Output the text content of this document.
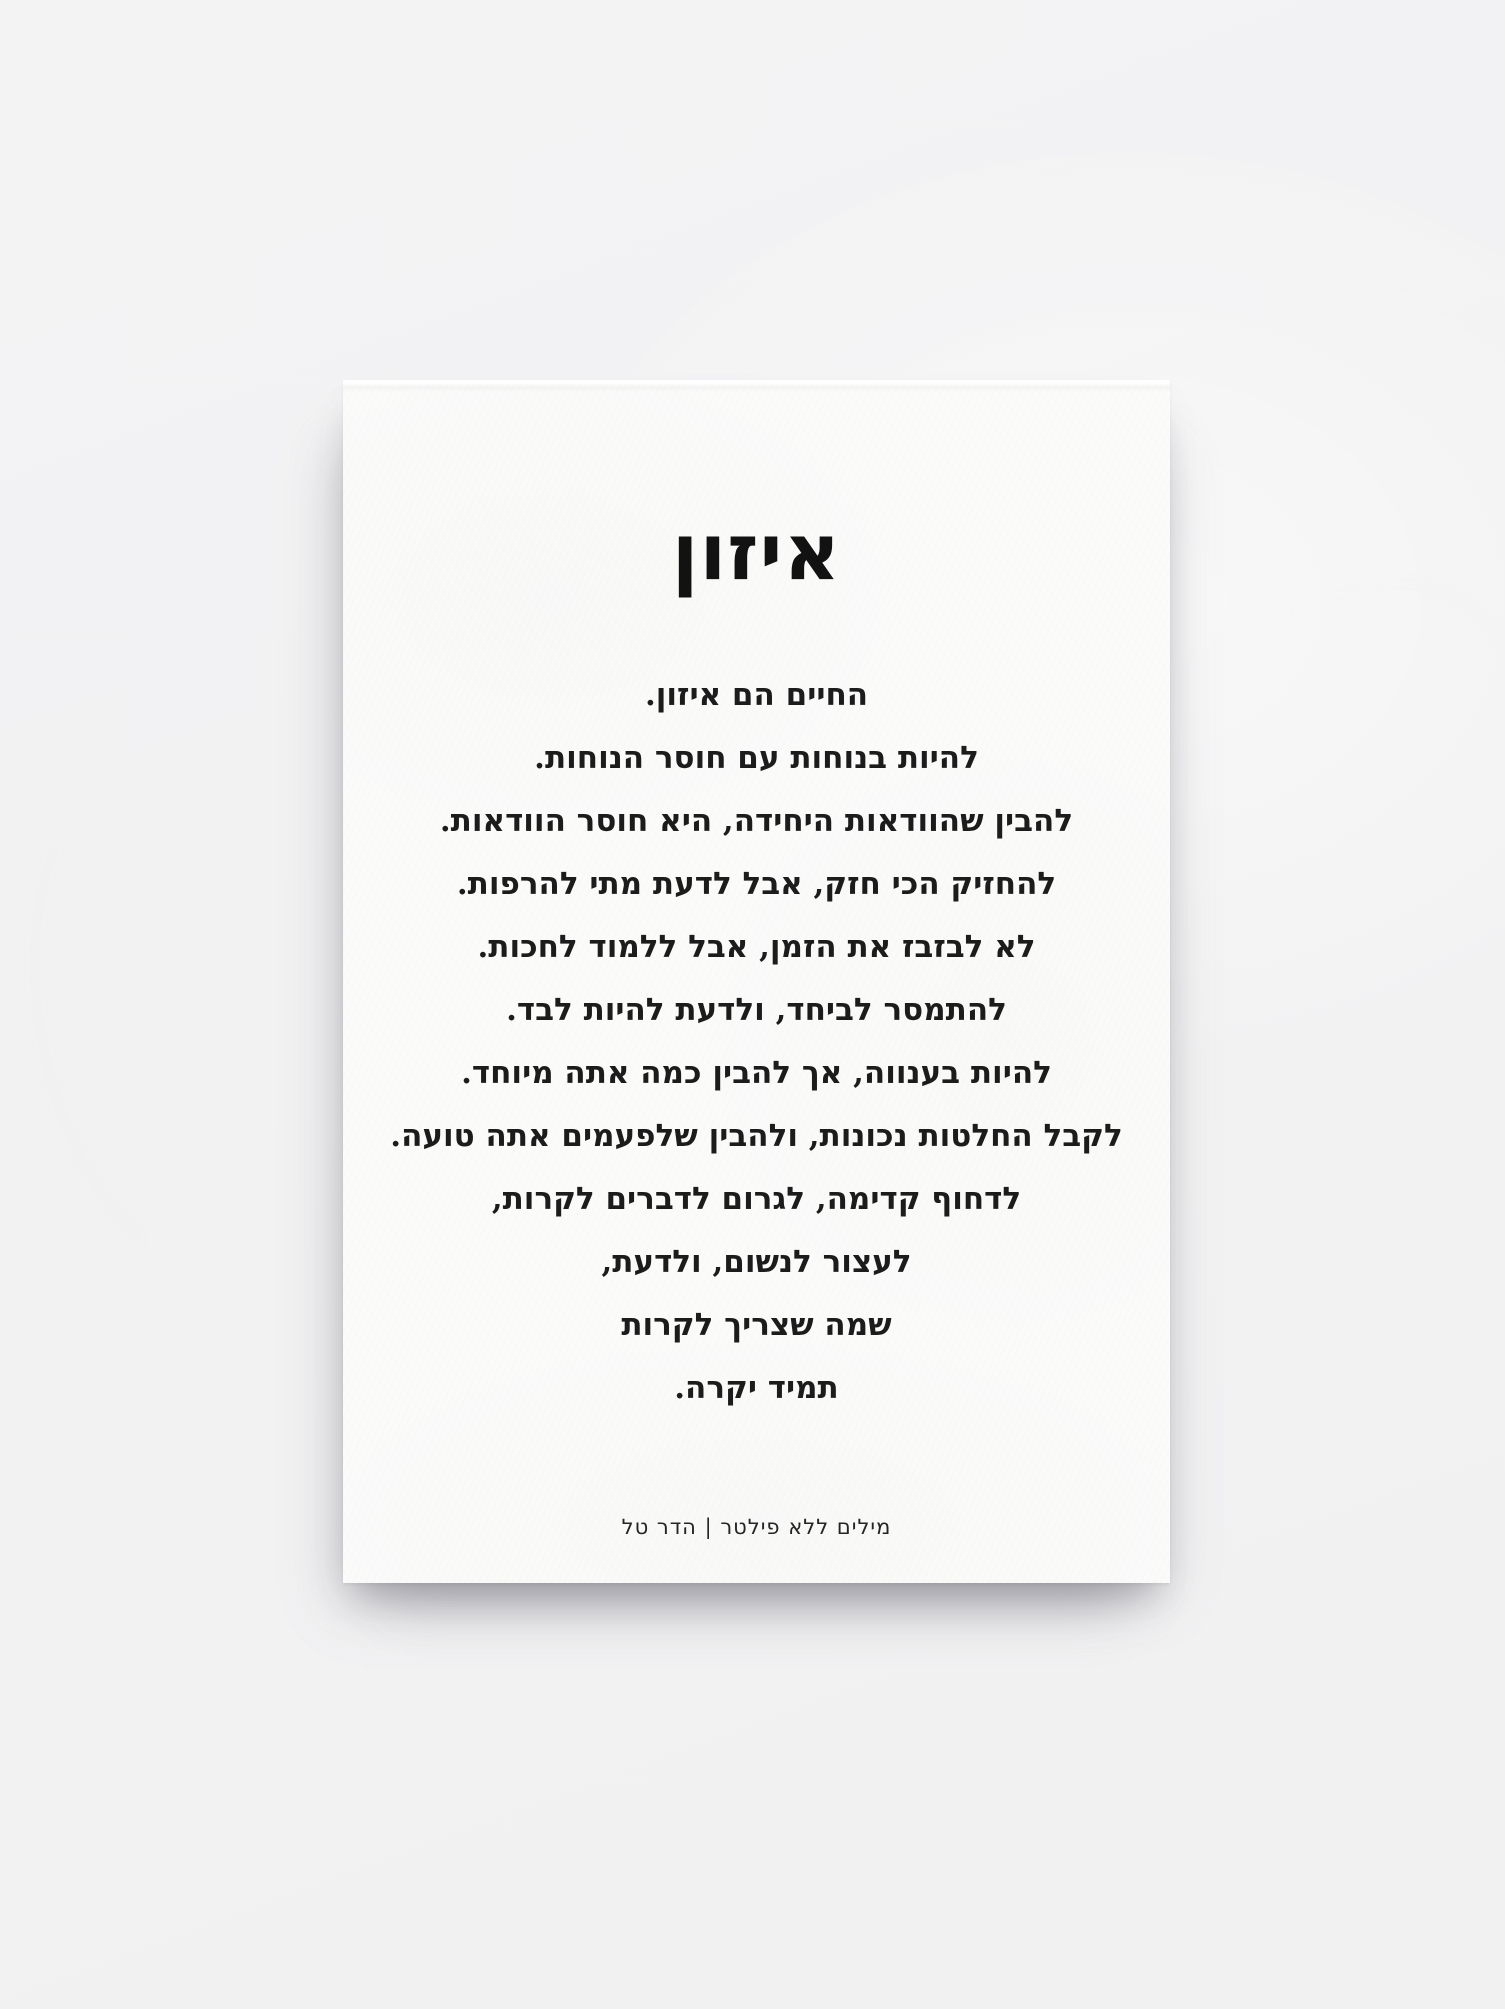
איזון
החיים הם איזון.
להיות בנוחות עם חוסר הנוחות.
להבין שהוודאות היחידה, היא חוסר הוודאות.
להחזיק הכי חזק, אבל לדעת מתי להרפות.
לא לבזבז את הזמן, אבל ללמוד לחכות.
להתמסר לביחד, ולדעת להיות לבד.
להיות בענווה, אך להבין כמה אתה מיוחד.
לקבל החלטות נכונות, ולהבין שלפעמים אתה טועה.
לדחוף קדימה, לגרום לדברים לקרות,
לעצור לנשום, ולדעת,
שמה שצריך לקרות
תמיד יקרה.
מילים ללא פילטר | הדר טל
